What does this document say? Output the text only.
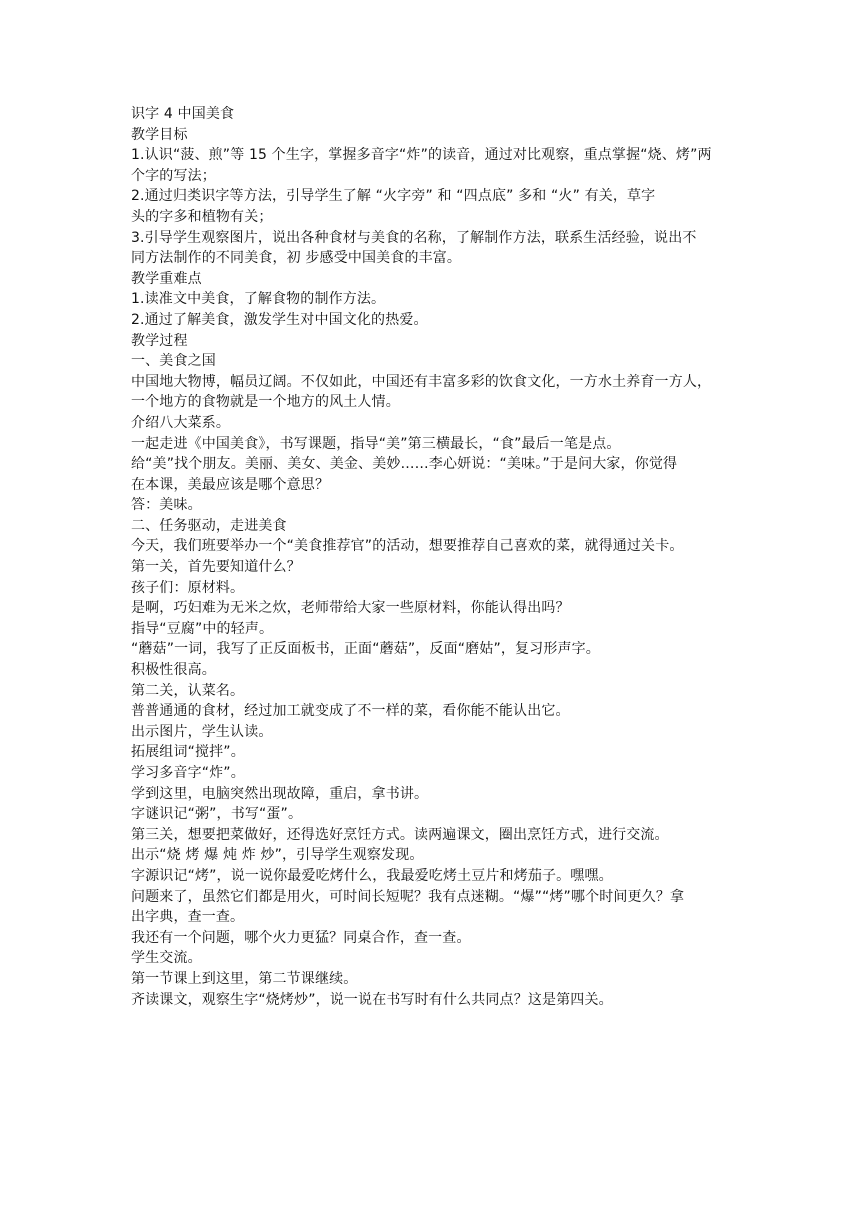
识字 4 中国美食
教学目标
1.认识“菠、煎”等 15 个生字，掌握多音字“炸”的读音，通过对比观察，重点掌握“烧、烤”两
个字的写法；
2.通过归类识字等方法，引导学生了解 “火字旁” 和 “四点底” 多和 “火” 有关，草字
头的字多和植物有关；
3.引导学生观察图片，说出各种食材与美食的名称，了解制作方法，联系生活经验，说出不
同方法制作的不同美食，初 步感受中国美食的丰富。
教学重难点
1.读准文中美食，了解食物的制作方法。
2.通过了解美食，激发学生对中国文化的热爱。
教学过程
一、美食之国
中国地大物博，幅员辽阔。不仅如此，中国还有丰富多彩的饮食文化，一方水土养育一方人，
一个地方的食物就是一个地方的风土人情。
介绍八大菜系。
一起走进《中国美食》，书写课题，指导“美”第三横最长，“食”最后一笔是点。
给“美”找个朋友。美丽、美女、美金、美妙……李心妍说：“美味。”于是问大家，你觉得
在本课，美最应该是哪个意思？
答：美味。
二、任务驱动，走进美食
今天，我们班要举办一个“美食推荐官”的活动，想要推荐自己喜欢的菜，就得通过关卡。
第一关，首先要知道什么？
孩子们：原材料。
是啊，巧妇难为无米之炊，老师带给大家一些原材料，你能认得出吗？
指导“豆腐”中的轻声。
“蘑菇”一词，我写了正反面板书，正面“蘑菇”，反面“磨姑”，复习形声字。
积极性很高。
第二关，认菜名。
普普通通的食材，经过加工就变成了不一样的菜，看你能不能认出它。
出示图片，学生认读。
拓展组词“搅拌”。
学习多音字“炸”。
学到这里，电脑突然出现故障，重启，拿书讲。
字谜识记“粥”，书写“蛋”。
第三关，想要把菜做好，还得选好烹饪方式。读两遍课文，圈出烹饪方式，进行交流。
出示“烧 烤 爆 炖 炸 炒”，引导学生观察发现。
字源识记“烤”，说一说你最爱吃烤什么，我最爱吃烤土豆片和烤茄子。嘿嘿。
问题来了，虽然它们都是用火，可时间长短呢？我有点迷糊。“爆”“烤”哪个时间更久？拿
出字典，查一查。
我还有一个问题，哪个火力更猛？同桌合作，查一查。
学生交流。
第一节课上到这里，第二节课继续。
齐读课文，观察生字“烧烤炒”，说一说在书写时有什么共同点？这是第四关。
